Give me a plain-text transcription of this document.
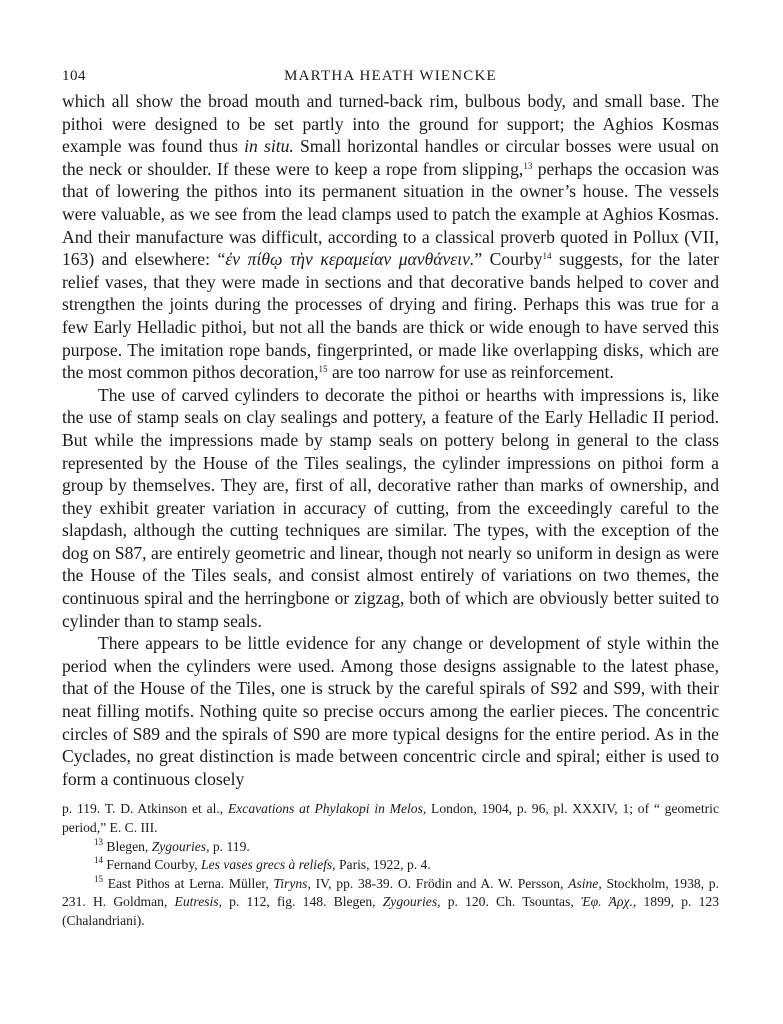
104	MARTHA HEATH WIENCKE

which all show the broad mouth and turned-back rim, bulbous body, and small base. The pithoi were designed to be set partly into the ground for support; the Aghios Kosmas example was found thus in situ. Small horizontal handles or circular bosses were usual on the neck or shoulder. If these were to keep a rope from slipping,$^{13}$ perhaps the occasion was that of lowering the pithos into its permanent situation in the owner’s house. The vessels were valuable, as we see from the lead clamps used to patch the example at Aghios Kosmas. And their manufacture was difficult, according to a classical proverb quoted in Pollux (VII, 163) and elsewhere: “ἐν πίθῳ τὴν κεραμείαν μανθάνειν.” Courby$^{14}$ suggests, for the later relief vases, that they were made in sections and that decorative bands helped to cover and strengthen the joints during the processes of drying and firing. Perhaps this was true for a few Early Helladic pithoi, but not all the bands are thick or wide enough to have served this purpose. The imitation rope bands, fingerprinted, or made like overlapping disks, which are the most common pithos decoration,$^{15}$ are too narrow for use as reinforcement.

The use of carved cylinders to decorate the pithoi or hearths with impressions is, like the use of stamp seals on clay sealings and pottery, a feature of the Early Helladic II period. But while the impressions made by stamp seals on pottery belong in general to the class represented by the House of the Tiles sealings, the cylinder impressions on pithoi form a group by themselves. They are, first of all, decorative rather than marks of ownership, and they exhibit greater variation in accuracy of cutting, from the exceedingly careful to the slapdash, although the cutting techniques are similar. The types, with the exception of the dog on S87, are entirely geometric and linear, though not nearly so uniform in design as were the House of the Tiles seals, and consist almost entirely of variations on two themes, the continuous spiral and the herringbone or zigzag, both of which are obviously better suited to cylinder than to stamp seals.

There appears to be little evidence for any change or development of style within the period when the cylinders were used. Among those designs assignable to the latest phase, that of the House of the Tiles, one is struck by the careful spirals of S92 and S99, with their neat filling motifs. Nothing quite so precise occurs among the earlier pieces. The concentric circles of S89 and the spirals of S90 are more typical designs for the entire period. As in the Cyclades, no great distinction is made between concentric circle and spiral; either is used to form a continuous closely

p. 119. T. D. Atkinson et al., Excavations at Phylakopi in Melos, London, 1904, p. 96, pl. XXXIV, 1; of “ geometric period,” E. C. III.

$^{13}$ Blegen, Zygouries, p. 119.

$^{14}$ Fernand Courby, Les vases grecs à reliefs, Paris, 1922, p. 4.

$^{15}$ East Pithos at Lerna. Müller, Tiryns, IV, pp. 38-39. O. Frödin and A. W. Persson, Asine, Stockholm, 1938, p. 231. H. Goldman, Eutresis, p. 112, fig. 148. Blegen, Zygouries, p. 120. Ch. Tsountas, Ἐφ. Ἀρχ., 1899, p. 123 (Chalandriani).
